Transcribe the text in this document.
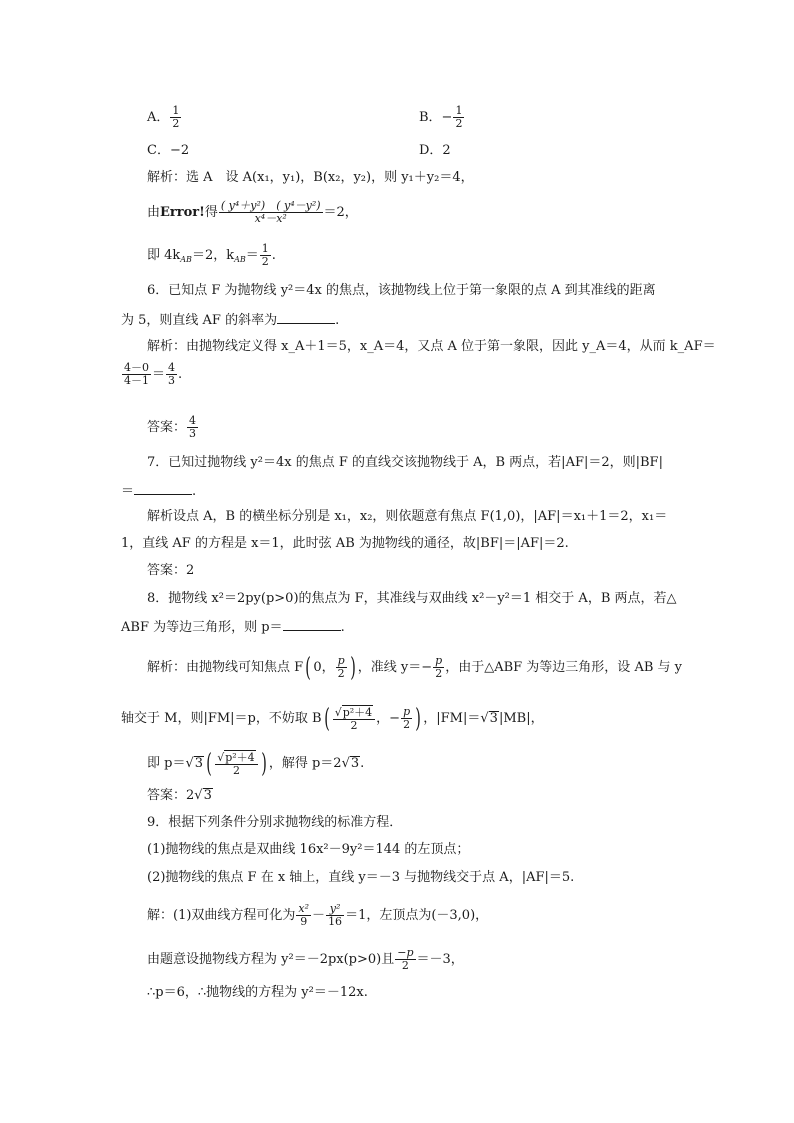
A． $\frac{1}{2}$	B．− $\frac{1}{2}$
C．−2	D．2
解析：选 A　设 A(x₁，y₁)，B(x₂，y₂)，则 y₁＋y₂＝4，
由Error!得 $\frac{\text{( y⁴＋y²)　( y⁴－y²)}}{\text{x⁴－x²}} =2$，
即 $4k_{AB}=2$，$k_{AB}= \frac{1}{2}$ .
6．已知点 F 为抛物线 y²＝4x 的焦点，该抛物线上位于第一象限的点 A 到其准线的距离
为 5，则直线 AF 的斜率为	.
解析：由抛物线定义得 x_A＋1＝5，x_A＝4，又点 A 位于第一象限，因此 y_A＝4，从而 k_AF＝
$\frac{4-0}{4-1} = \frac{4}{3}$ .
答案： $\frac{4}{3}$
7．已知过抛物线 y²＝4x 的焦点 F 的直线交该抛物线于 A，B 两点，若|AF|＝2，则|BF|
＝	.
解析设点 A，B 的横坐标分别是 x₁，x₂，则依题意有焦点 F(1,0)，|AF|＝x₁＋1＝2，x₁＝
1，直线 AF 的方程是 x＝1，此时弦 AB 为抛物线的通径，故|BF|＝|AF|＝2.
答案：2
8．抛物线 x²＝2py(p>0)的焦点为 F，其准线与双曲线 x²－y²＝1 相交于 A，B 两点，若△
ABF 为等边三角形，则 p＝	.
解析：由抛物线可知焦点 F( 0， $\frac{p}{2}$ ) ，准线 $y=- \frac{p}{2}$ ，由于△ABF 为等边三角形，设 AB 与 y
轴交于 M，则|FM|＝p，不妨取 $B( \frac{\text{√p²＋4}}{2}$ ，− $\frac{p}{2}$ ) ，|FM|＝√3|MB|，
即 p＝√3 ( $\frac{\text{√p²＋4}}{2}$ ) ，解得 p＝2√3.
答案：2√3
9．根据下列条件分别求抛物线的标准方程．
(1)抛物线的焦点是双曲线 16x²－9y²＝144 的左顶点；
(2)抛物线的焦点 F 在 x 轴上，直线 y＝－3 与抛物线交于点 A，|AF|＝5.
解：(1)双曲线方程可化为 $\frac{\text{x²}}{9} - \frac{\text{y²}}{16} =1$，左顶点为(－3,0)，
由题意设抛物线方程为 y²＝－2px(p>0)且 $\frac{-p}{2} =-3$，
∴p＝6，∴抛物线的方程为 y²＝－12x.
